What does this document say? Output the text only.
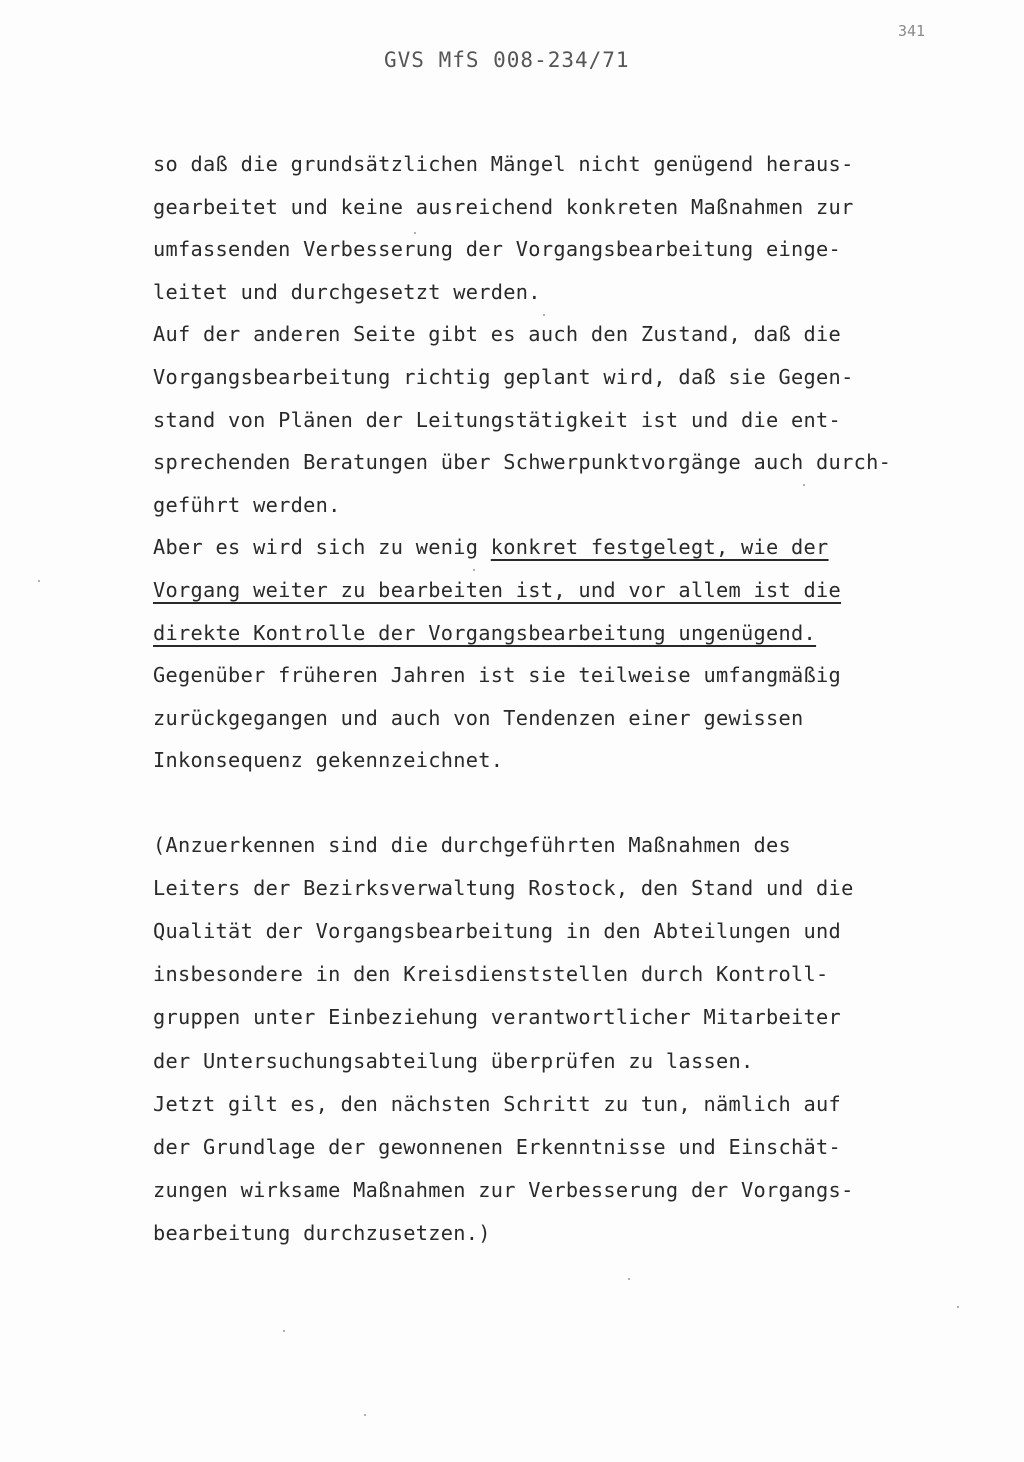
341
GVS MfS 008-234/71
so daß die grundsätzlichen Mängel nicht genügend heraus-
gearbeitet und keine ausreichend konkreten Maßnahmen zur
umfassenden Verbesserung der Vorgangsbearbeitung einge-
leitet und durchgesetzt werden.
Auf der anderen Seite gibt es auch den Zustand, daß die
Vorgangsbearbeitung richtig geplant wird, daß sie Gegen-
stand von Plänen der Leitungstätigkeit ist und die ent-
sprechenden Beratungen über Schwerpunktvorgänge auch durch-
geführt werden.
Aber es wird sich zu wenig konkret festgelegt, wie der
Vorgang weiter zu bearbeiten ist, und vor allem ist die
direkte Kontrolle der Vorgangsbearbeitung ungenügend.
Gegenüber früheren Jahren ist sie teilweise umfangmäßig
zurückgegangen und auch von Tendenzen einer gewissen
Inkonsequenz gekennzeichnet.
(Anzuerkennen sind die durchgeführten Maßnahmen des
Leiters der Bezirksverwaltung Rostock, den Stand und die
Qualität der Vorgangsbearbeitung in den Abteilungen und
insbesondere in den Kreisdienststellen durch Kontroll-
gruppen unter Einbeziehung verantwortlicher Mitarbeiter
der Untersuchungsabteilung überprüfen zu lassen.
Jetzt gilt es, den nächsten Schritt zu tun, nämlich auf
der Grundlage der gewonnenen Erkenntnisse und Einschät-
zungen wirksame Maßnahmen zur Verbesserung der Vorgangs-
bearbeitung durchzusetzen.)
